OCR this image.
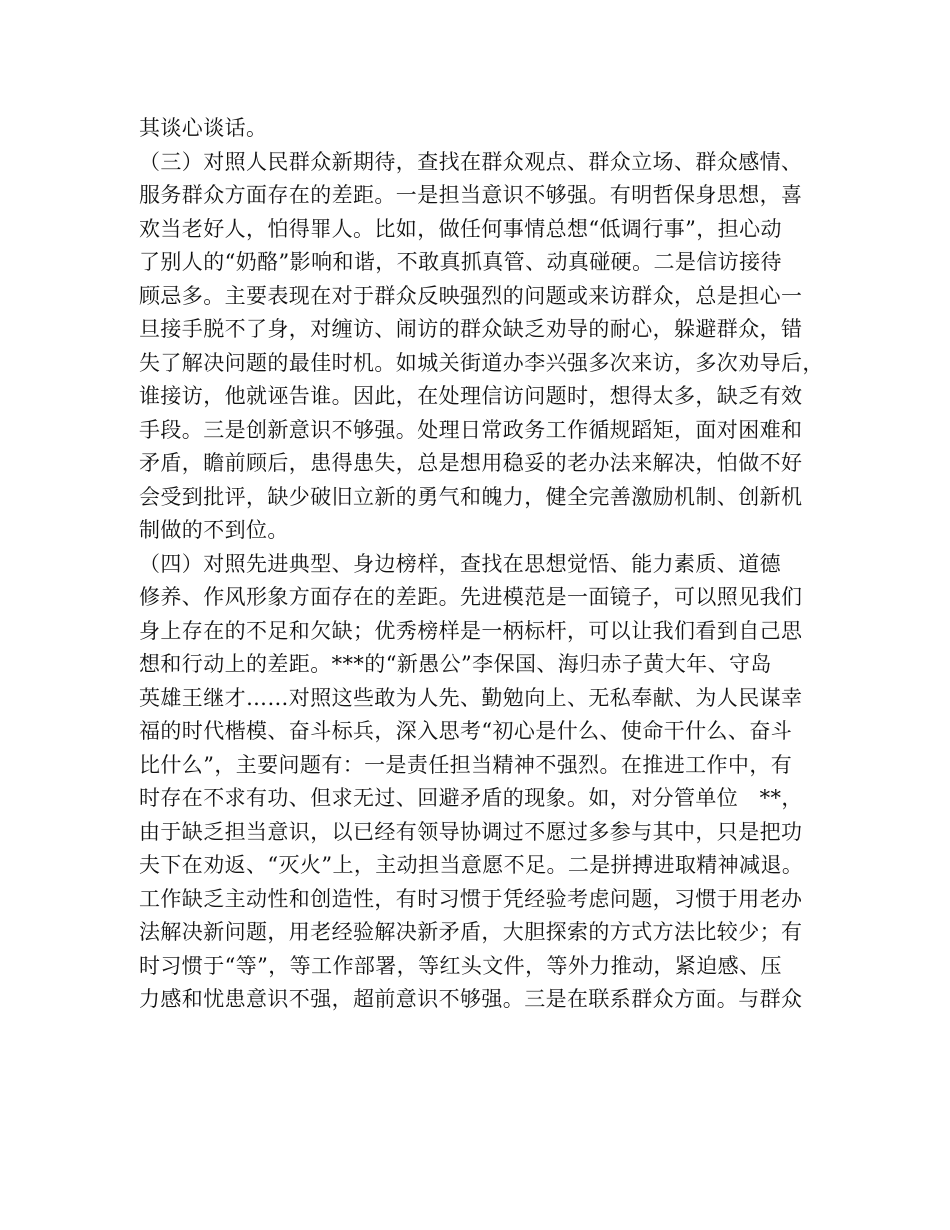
其谈心谈话。
（三）对照人民群众新期待，查找在群众观点、群众立场、群众感情、
服务群众方面存在的差距。一是担当意识不够强。有明哲保身思想，喜
欢当老好人，怕得罪人。比如，做任何事情总想“低调行事”，担心动
了别人的“奶酪”影响和谐，不敢真抓真管、动真碰硬。二是信访接待
顾忌多。主要表现在对于群众反映强烈的问题或来访群众，总是担心一
旦接手脱不了身，对缠访、闹访的群众缺乏劝导的耐心，躲避群众，错
失了解决问题的最佳时机。如城关街道办李兴强多次来访，多次劝导后，
谁接访，他就诬告谁。因此，在处理信访问题时，想得太多，缺乏有效
手段。三是创新意识不够强。处理日常政务工作循规蹈矩，面对困难和
矛盾，瞻前顾后，患得患失，总是想用稳妥的老办法来解决，怕做不好
会受到批评，缺少破旧立新的勇气和魄力，健全完善激励机制、创新机
制做的不到位。
（四）对照先进典型、身边榜样，查找在思想觉悟、能力素质、道德
修养、作风形象方面存在的差距。先进模范是一面镜子，可以照见我们
身上存在的不足和欠缺；优秀榜样是一柄标杆，可以让我们看到自己思
想和行动上的差距。***的“新愚公”李保国、海归赤子黄大年、守岛
英雄王继才……对照这些敢为人先、勤勉向上、无私奉献、为人民谋幸
福的时代楷模、奋斗标兵，深入思考“初心是什么、使命干什么、奋斗
比什么”，主要问题有：一是责任担当精神不强烈。在推进工作中，有
时存在不求有功、但求无过、回避矛盾的现象。如，对分管单位　**，
由于缺乏担当意识，以已经有领导协调过不愿过多参与其中，只是把功
夫下在劝返、“灭火”上，主动担当意愿不足。二是拼搏进取精神减退。
工作缺乏主动性和创造性，有时习惯于凭经验考虑问题，习惯于用老办
法解决新问题，用老经验解决新矛盾，大胆探索的方式方法比较少；有
时习惯于“等”，等工作部署，等红头文件，等外力推动，紧迫感、压
力感和忧患意识不强，超前意识不够强。三是在联系群众方面。与群众
